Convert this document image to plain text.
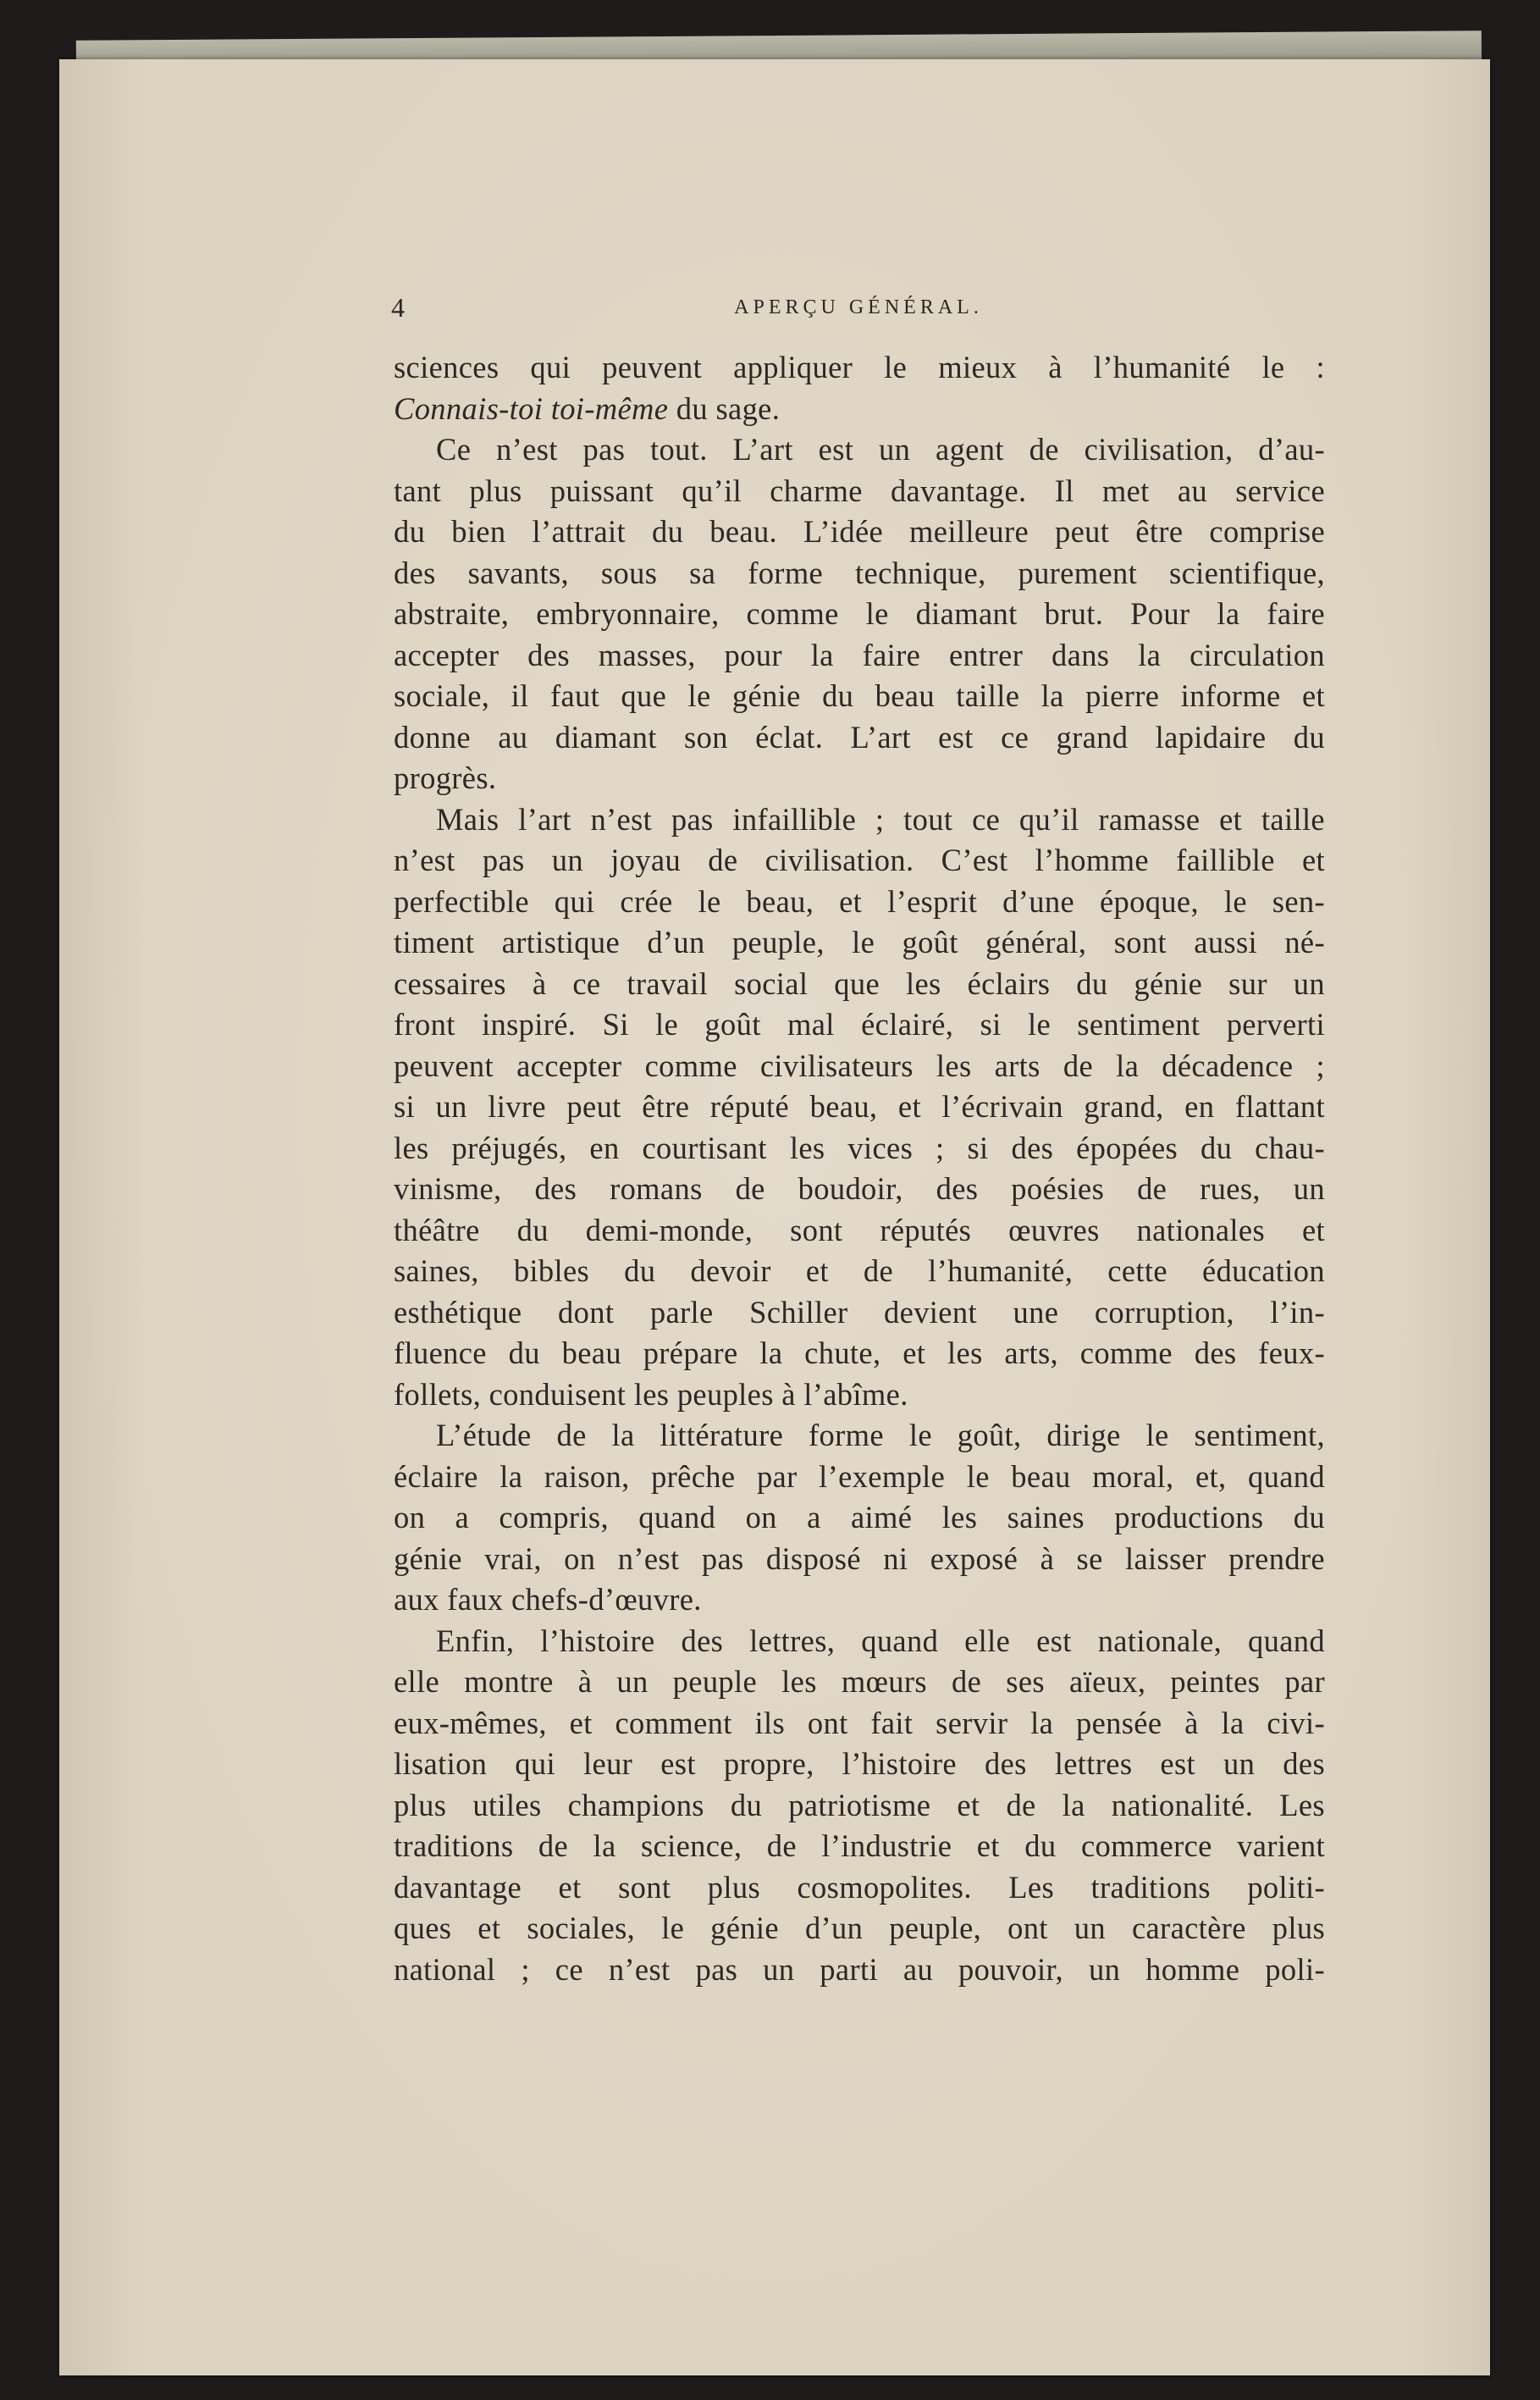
4	APERÇU GÉNÉRAL.
sciences qui peuvent appliquer le mieux à l’humanité le :
Connais-toi toi-même du sage.
Ce n’est pas tout. L’art est un agent de civilisation, d’au-
tant plus puissant qu’il charme davantage. Il met au service
du bien l’attrait du beau. L’idée meilleure peut être comprise
des savants, sous sa forme technique, purement scientifique,
abstraite, embryonnaire, comme le diamant brut. Pour la faire
accepter des masses, pour la faire entrer dans la circulation
sociale, il faut que le génie du beau taille la pierre informe et
donne au diamant son éclat. L’art est ce grand lapidaire du
progrès.
Mais l’art n’est pas infaillible ; tout ce qu’il ramasse et taille
n’est pas un joyau de civilisation. C’est l’homme faillible et
perfectible qui crée le beau, et l’esprit d’une époque, le sen-
timent artistique d’un peuple, le goût général, sont aussi né-
cessaires à ce travail social que les éclairs du génie sur un
front inspiré. Si le goût mal éclairé, si le sentiment perverti
peuvent accepter comme civilisateurs les arts de la décadence ;
si un livre peut être réputé beau, et l’écrivain grand, en flattant
les préjugés, en courtisant les vices ; si des épopées du chau-
vinisme, des romans de boudoir, des poésies de rues, un
théâtre du demi-monde, sont réputés œuvres nationales et
saines, bibles du devoir et de l’humanité, cette éducation
esthétique dont parle Schiller devient une corruption, l’in-
fluence du beau prépare la chute, et les arts, comme des feux-
follets, conduisent les peuples à l’abîme.
L’étude de la littérature forme le goût, dirige le sentiment,
éclaire la raison, prêche par l’exemple le beau moral, et, quand
on a compris, quand on a aimé les saines productions du
génie vrai, on n’est pas disposé ni exposé à se laisser prendre
aux faux chefs-d’œuvre.
Enfin, l’histoire des lettres, quand elle est nationale, quand
elle montre à un peuple les mœurs de ses aïeux, peintes par
eux-mêmes, et comment ils ont fait servir la pensée à la civi-
lisation qui leur est propre, l’histoire des lettres est un des
plus utiles champions du patriotisme et de la nationalité. Les
traditions de la science, de l’industrie et du commerce varient
davantage et sont plus cosmopolites. Les traditions politi-
ques et sociales, le génie d’un peuple, ont un caractère plus
national ; ce n’est pas un parti au pouvoir, un homme poli-
